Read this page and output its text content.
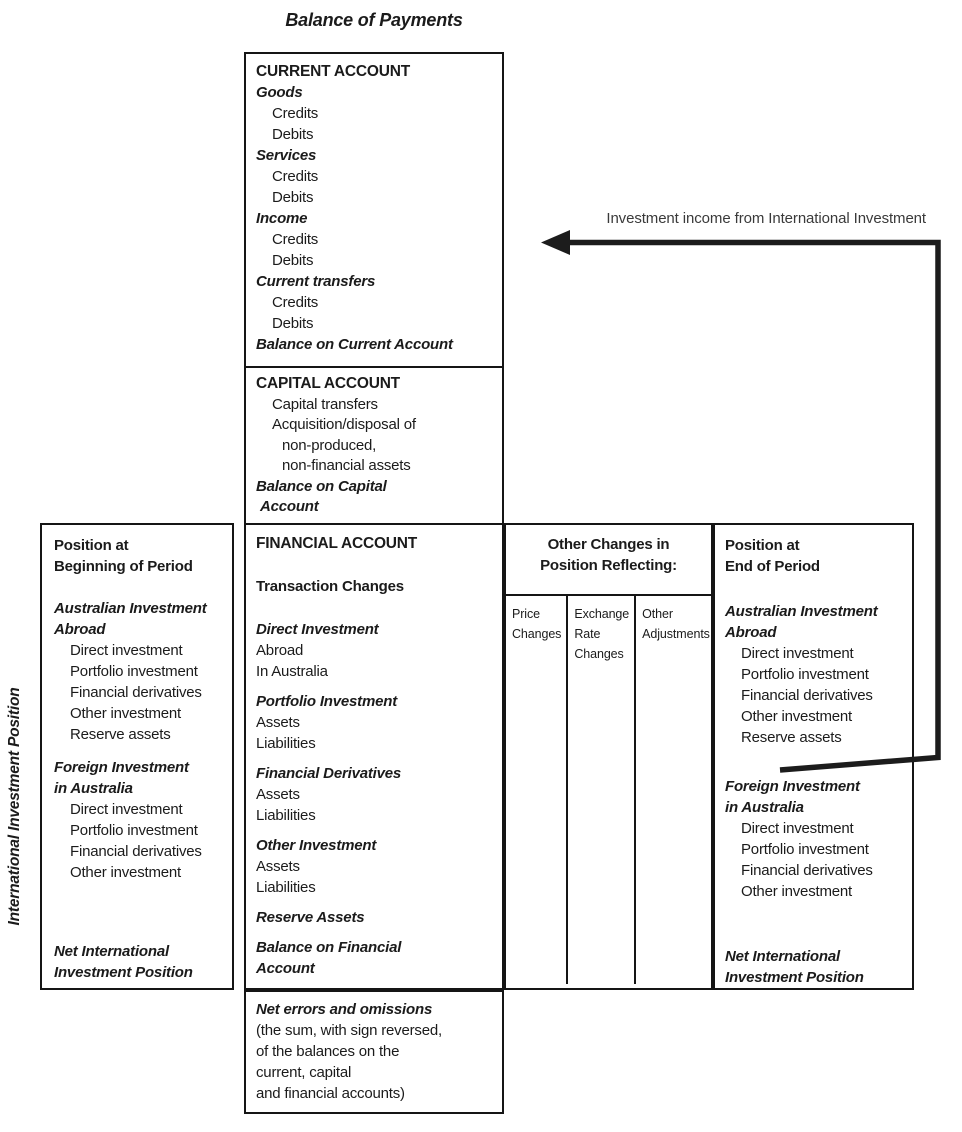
Balance of Payments
CURRENT ACCOUNT
Goods
Credits
Debits
Services
Credits
Debits
Income
Credits
Debits
Current transfers
Credits
Debits
Balance on Current Account
CAPITAL ACCOUNT
Capital transfers
Acquisition/disposal of
non-produced,
non-financial assets
Balance on Capital
Account
Position at
Beginning of Period
Australian Investment
Abroad
Direct investment
Portfolio investment
Financial derivatives
Other investment
Reserve assets
Foreign Investment
in Australia
Direct investment
Portfolio investment
Financial derivatives
Other investment
Net International
Investment Position
FINANCIAL ACCOUNT
Transaction Changes
Direct Investment
Abroad
In Australia
Portfolio Investment
Assets
Liabilities
Financial Derivatives
Assets
Liabilities
Other Investment
Assets
Liabilities
Reserve Assets
Balance on Financial
Account
Other Changes in
Position Reflecting:
Price
Changes
Exchange
Rate
Changes
Other
Adjustments
Position at
End of Period
Australian Investment
Abroad
Direct investment
Portfolio investment
Financial derivatives
Other investment
Reserve assets
Foreign Investment
in Australia
Direct investment
Portfolio investment
Financial derivatives
Other investment
Net International
Investment Position
Net errors and omissions
(the sum, with sign reversed,
of the balances on the
current, capital
and financial accounts)
International Investment Position
Investment income from International Investment
